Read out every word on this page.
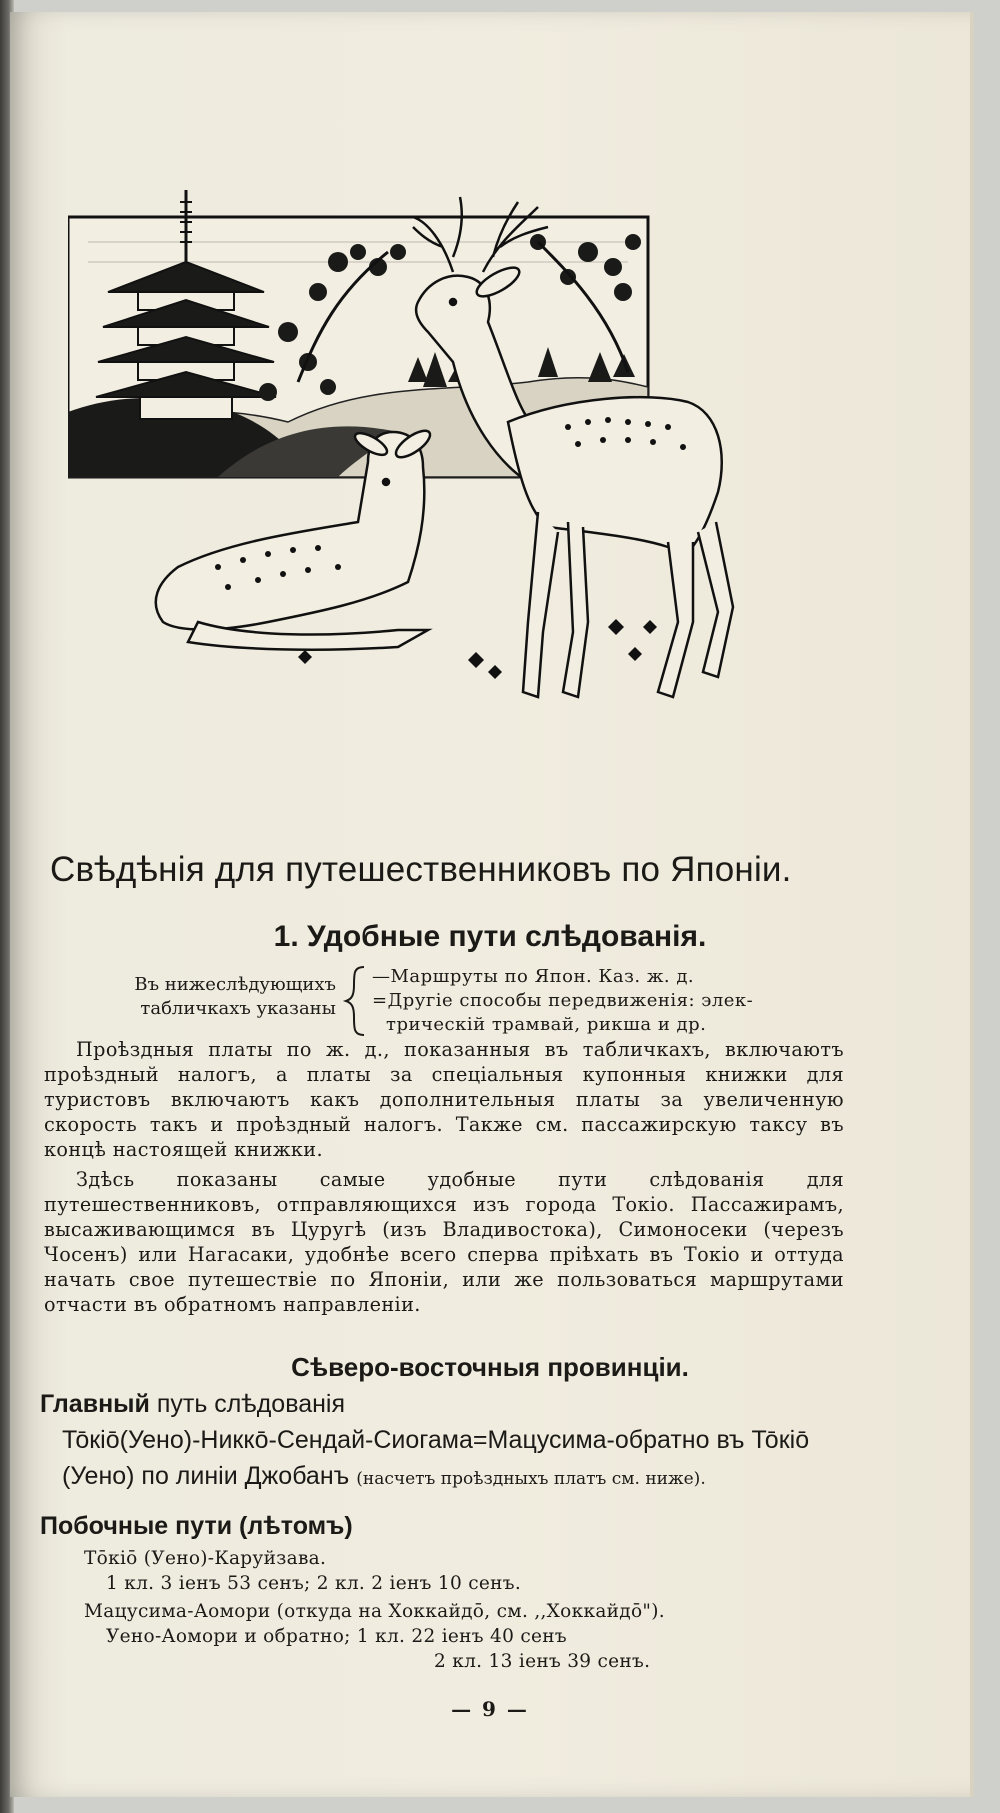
Свѣдѣнія для путешественниковъ по Японіи.
1. Удобные пути слѣдованія.
Въ нижеслѣдующихъ
табличкахъ указаны
—Маршруты по Япон. Каз. ж. д.
=Другіе способы передвиженія: элек-
трическій трамвай, рикша и др.

Проѣздныя платы по ж. д., показанныя въ табличкахъ, включаютъ проѣздный налогъ, а платы за спеціальныя купонныя книжки для туристовъ включаютъ какъ дополнительныя платы за увеличенную скорость такъ и проѣздный налогъ. Также см. пассажирскую таксу въ концѣ настоящей книжки.

Здѣсь показаны самые удобные пути слѣдованія для путешественниковъ, отправляющихся изъ города Токіо. Пассажирамъ, высаживающимся въ Цуругѣ (изъ Владивостока), Симоносеки (черезъ Чосенъ) или Нагасаки, удобнѣе всего сперва пріѣхать въ Токіо и оттуда начать свое путешествіе по Японіи, или же пользоваться маршрутами отчасти въ обратномъ направленіи.

Сѣверо-восточныя провинціи.
Главный путь слѣдованія
То̄кіо̄(Уено)-Никко̄-Сендай-Сиогама=Мацусима-обратно въ То̄кіо̄ (Уено) по линіи Джобанъ (насчетъ проѣздныхъ платъ см. ниже).
Побочные пути (лѣтомъ)
То̄кіо̄ (Уено)-Каруйзава.
1 кл. 3 іенъ 53 сенъ; 2 кл. 2 іенъ 10 сенъ.
Мацусима-Аомори (откуда на Хоккайдо̄, см. ,,Хоккайдо̄").
Уено-Аомори и обратно; 1 кл. 22 іенъ 40 сенъ
2 кл. 13 іенъ 39 сенъ.
— 9 —
